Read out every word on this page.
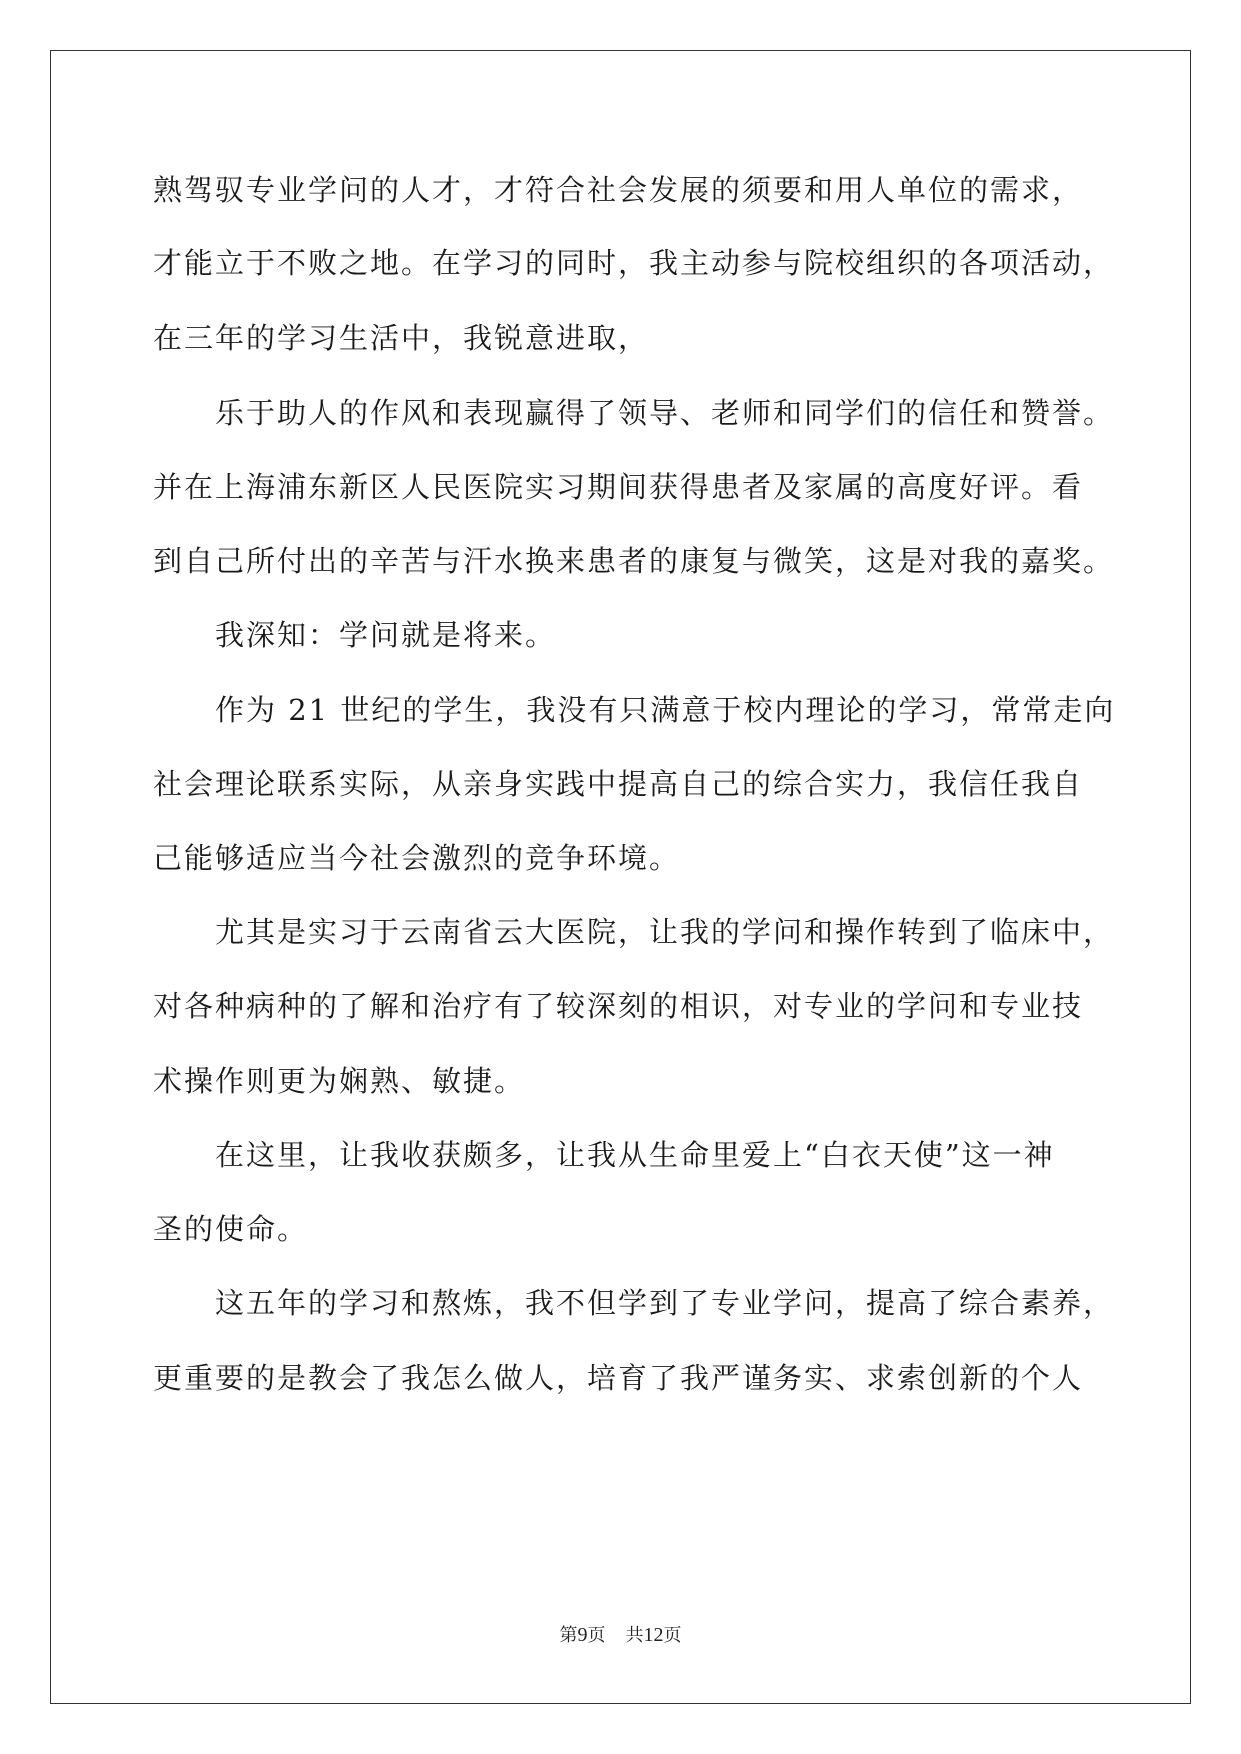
熟驾驭专业学问的人才，才符合社会发展的须要和用人单位的需求，
才能立于不败之地。在学习的同时，我主动参与院校组织的各项活动，
在三年的学习生活中，我锐意进取，
乐于助人的作风和表现赢得了领导、老师和同学们的信任和赞誉。
并在上海浦东新区人民医院实习期间获得患者及家属的高度好评。看
到自己所付出的辛苦与汗水换来患者的康复与微笑，这是对我的嘉奖。
我深知：学问就是将来。
作为 21 世纪的学生，我没有只满意于校内理论的学习，常常走向
社会理论联系实际，从亲身实践中提高自己的综合实力，我信任我自
己能够适应当今社会激烈的竞争环境。
尤其是实习于云南省云大医院，让我的学问和操作转到了临床中，
对各种病种的了解和治疗有了较深刻的相识，对专业的学问和专业技
术操作则更为娴熟、敏捷。
在这里，让我收获颇多，让我从生命里爱上“白衣天使”这一神
圣的使命。
这五年的学习和熬炼，我不但学到了专业学问，提高了综合素养，
更重要的是教会了我怎么做人，培育了我严谨务实、求索创新的个人
第9页 共12页
